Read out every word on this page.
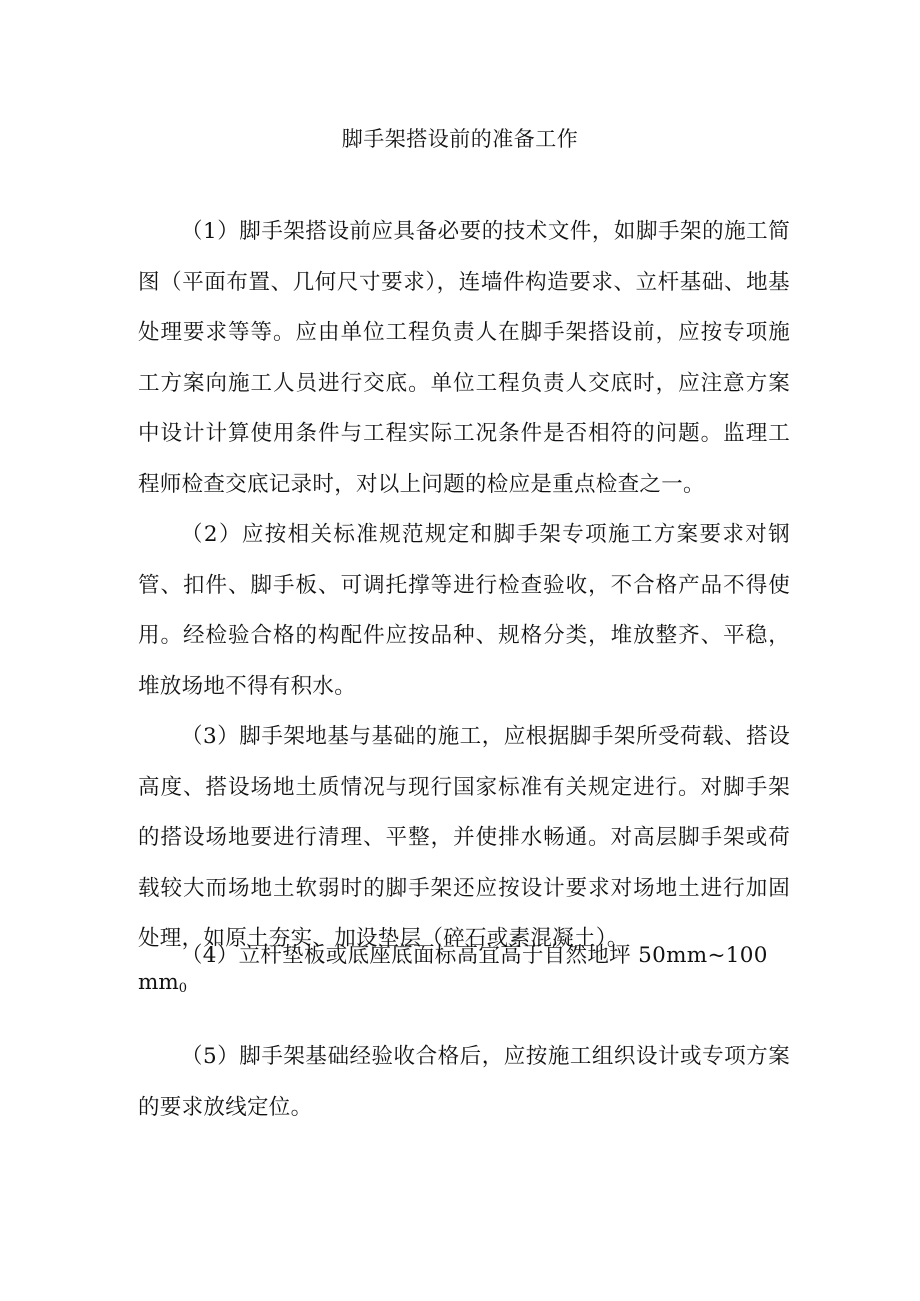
脚手架搭设前的准备工作

（1）脚手架搭设前应具备必要的技术文件，如脚手架的施工简图（平面布置、几何尺寸要求），连墙件构造要求、立杆基础、地基处理要求等等。应由单位工程负责人在脚手架搭设前，应按专项施工方案向施工人员进行交底。单位工程负责人交底时，应注意方案中设计计算使用条件与工程实际工况条件是否相符的问题。监理工程师检查交底记录时，对以上问题的检应是重点检查之一。

（2）应按相关标准规范规定和脚手架专项施工方案要求对钢管、扣件、脚手板、可调托撑等进行检查验收，不合格产品不得使用。经检验合格的构配件应按品种、规格分类，堆放整齐、平稳，堆放场地不得有积水。

（3）脚手架地基与基础的施工，应根据脚手架所受荷载、搭设高度、搭设场地土质情况与现行国家标准有关规定进行。对脚手架的搭设场地要进行清理、平整，并使排水畅通。对高层脚手架或荷载较大而场地土软弱时的脚手架还应按设计要求对场地土进行加固处理，如原土夯实、加设垫层（碎石或素混凝土）。

（4）立杆垫板或底座底面标高宜高于自然地坪 50mm~100

$mm_0$

（5）脚手架基础经验收合格后，应按施工组织设计或专项方案的要求放线定位。
